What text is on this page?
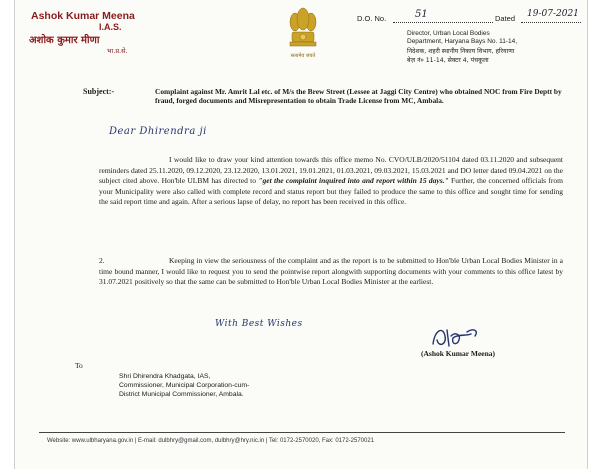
Ashok Kumar Meena
I.A.S.
अशोक कुमार मीणा
भा.प्र.से.
सत्यमेव जयते
D.O. No.	51	Dated 19-07-2021
Director, Urban Local Bodies
Department, Haryana Bays No. 11-14,
निदेशक, शहरी स्थानीय निकाय विभाग, हरियाणा
बेज़ नं० 11-14, सेक्टर 4, पंचकूला
Subject:-	Complaint against Mr. Amrit Lal etc. of M/s the Brew Street (Lessee at Jaggi City Centre) who obtained NOC from Fire Deptt by fraud, forged documents and Misrepresentation to obtain Trade License from MC, Ambala.
Dear Dhirendra ji
I would like to draw your kind attention towards this office memo No. CVO/ULB/2020/51104 dated 03.11.2020 and subsequent reminders dated 25.11.2020, 09.12.2020, 23.12.2020, 13.01.2021, 19.01.2021, 01.03.2021, 09.03.2021, 15.03.2021 and DO letter dated 09.04.2021 on the subject cited above. Hon'ble ULBM has directed to "get the complaint inquired into and report within 15 days." Further, the concerned officials from your Municipality were also called with complete record and status report but they failed to produce the same to this office and sought time for sending the said report time and again. After a serious lapse of delay, no report has been received in this office.
2.	Keeping in view the seriousness of the complaint and as the report is to be submitted to Hon'ble Urban Local Bodies Minister in a time bound manner, I would like to request you to send the pointwise report alongwith supporting documents with your comments to this office latest by 31.07.2021 positively so that the same can be submitted to Hon'ble Urban Local Bodies Minister at the earliest.
With Best Wishes
(Ashok Kumar Meena)
To
Shri Dhirendra Khadgata, IAS,
Commissioner, Municipal Corporation-cum-
District Municipal Commissioner, Ambala.
Website: www.ulbharyana.gov.in | E-mail: dulbhry@gmail.com, dulbhry@hry.nic.in | Tel: 0172-2570020, Fax: 0172-2570021
